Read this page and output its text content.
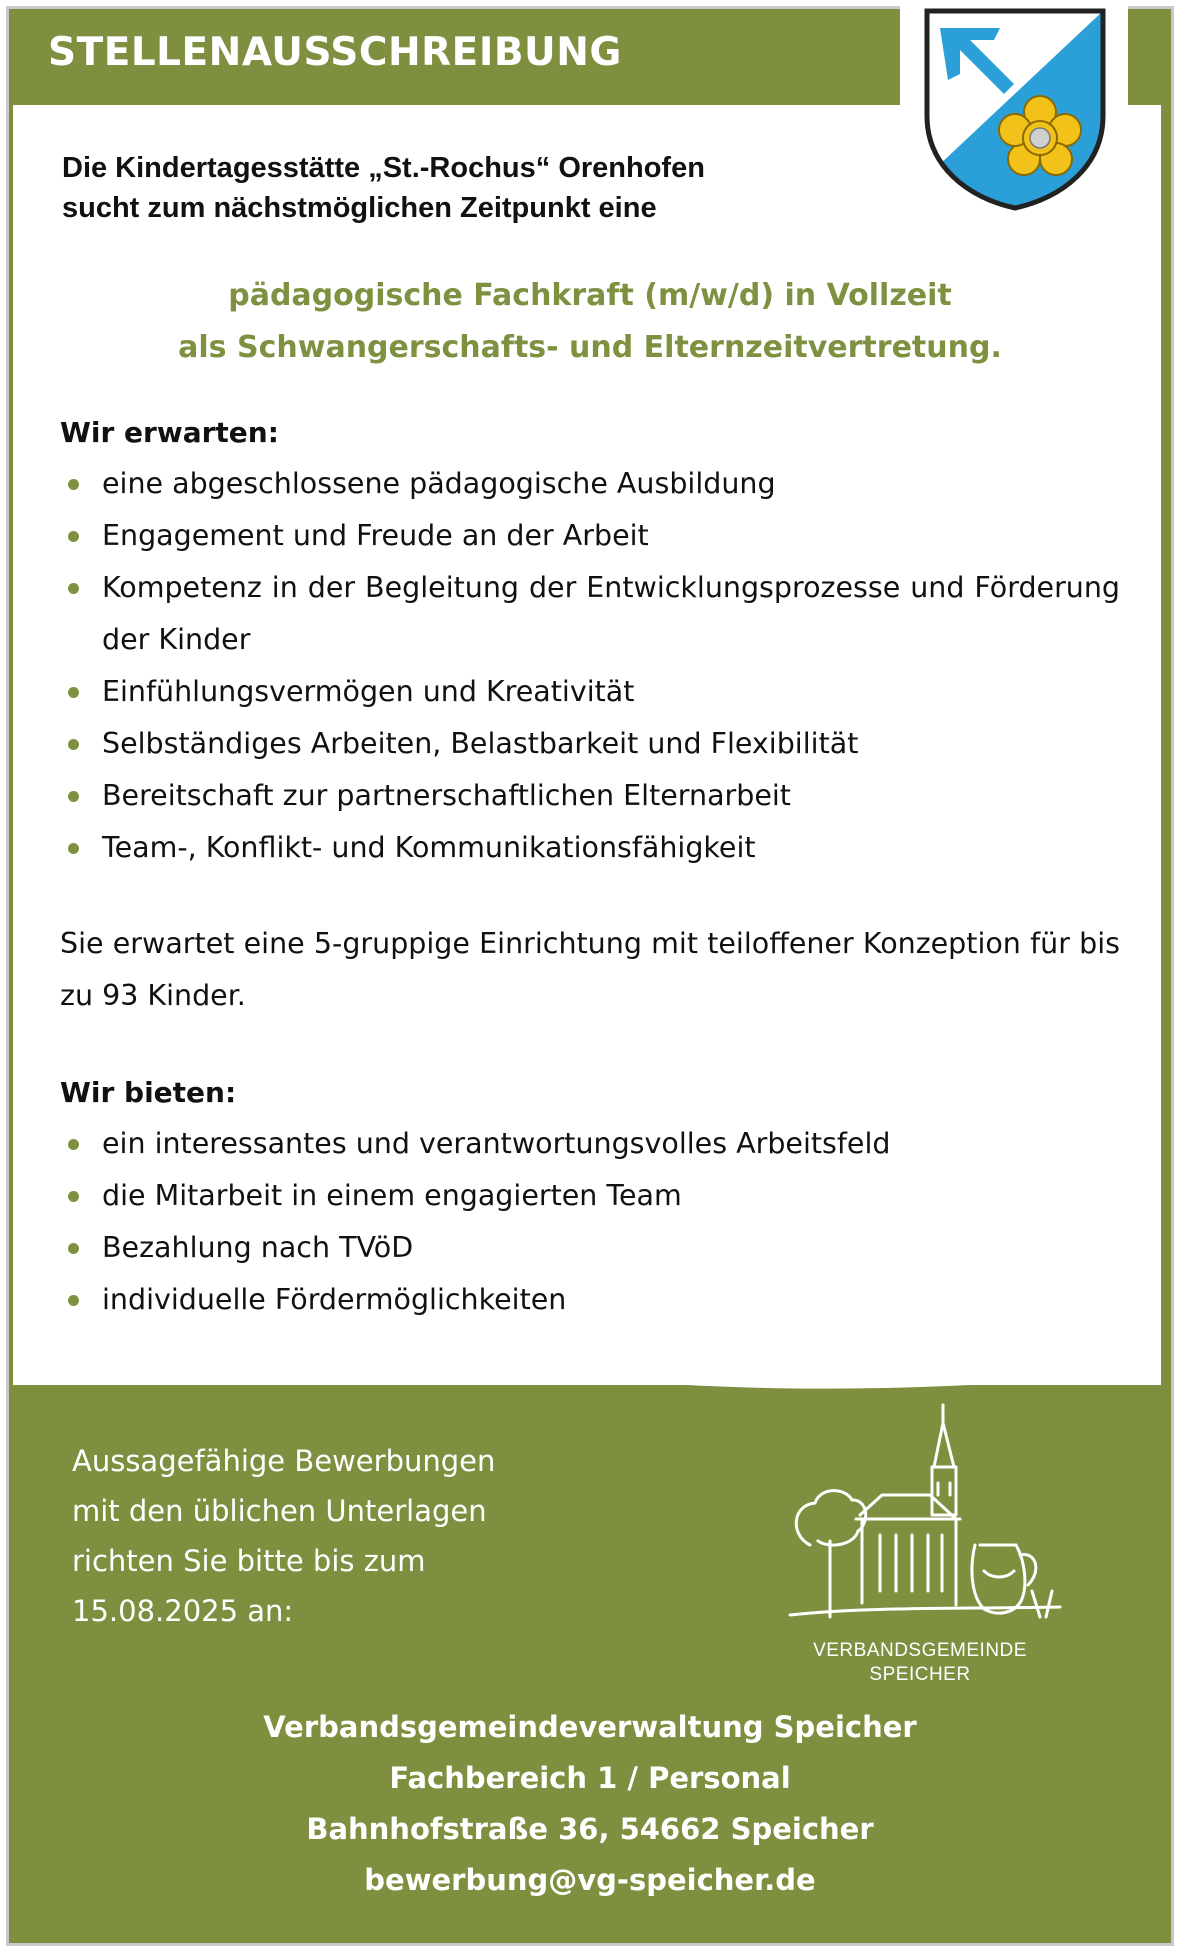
STELLENAUSSCHREIBUNG
Die Kindertagesstätte „St.-Rochus“ Orenhofen
sucht zum nächstmöglichen Zeitpunkt eine
pädagogische Fachkraft (m/w/d) in Vollzeit
als Schwangerschafts- und Elternzeitvertretung.
Wir erwarten:
eine abgeschlossene pädagogische Ausbildung
Engagement und Freude an der Arbeit
Kompetenz in der Begleitung der Entwicklungsprozesse und Förderung der Kinder
Einfühlungsvermögen und Kreativität
Selbständiges Arbeiten, Belastbarkeit und Flexibilität
Bereitschaft zur partnerschaftlichen Elternarbeit
Team-, Konflikt- und Kommunikationsfähigkeit
Sie erwartet eine 5-gruppige Einrichtung mit teiloffener Konzeption für bis zu 93 Kinder.
Wir bieten:
ein interessantes und verantwortungsvolles Arbeitsfeld
die Mitarbeit in einem engagierten Team
Bezahlung nach TVöD
individuelle Fördermöglichkeiten
Aussagefähige Bewerbungen
mit den üblichen Unterlagen
richten Sie bitte bis zum
15.08.2025 an:
VERBANDSGEMEINDE
SPEICHER
Verbandsgemeindeverwaltung Speicher
Fachbereich 1 / Personal
Bahnhofstraße 36, 54662 Speicher
bewerbung@vg-speicher.de
